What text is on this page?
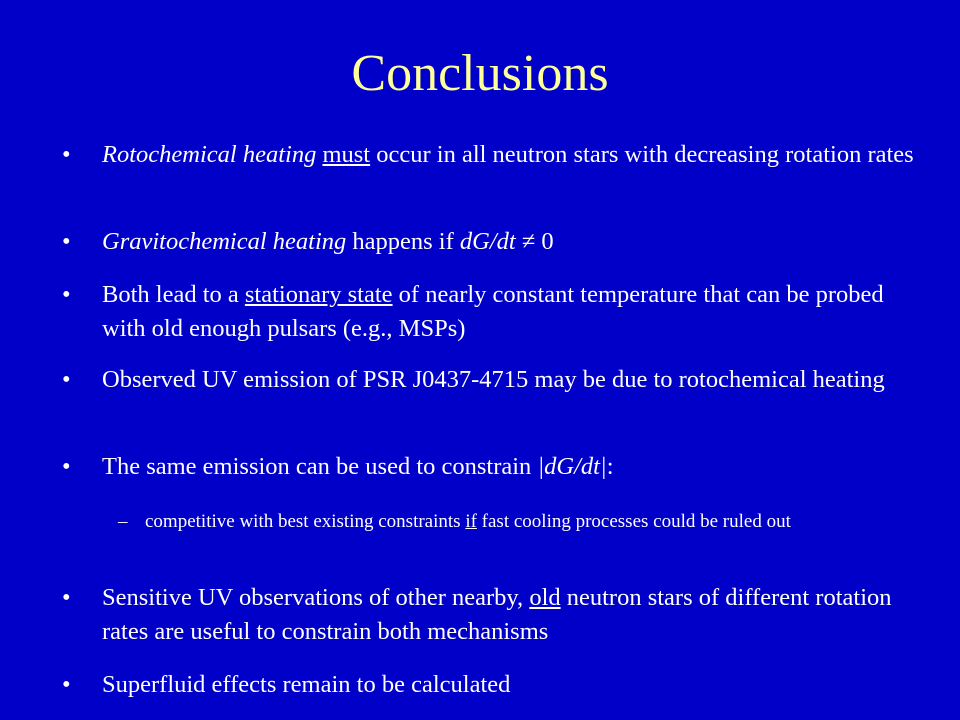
Conclusions
•	Rotochemical heating must occur in all neutron stars with decreasing rotation rates
•	Gravitochemical heating happens if dG/dt ≠ 0
•	Both lead to a stationary state of nearly constant temperature that can be probed with old enough pulsars (e.g., MSPs)
•	Observed UV emission of PSR J0437-4715 may be due to rotochemical heating
•	The same emission can be used to constrain |dG/dt|:
– competitive with best existing constraints if fast cooling processes could be ruled out
•	Sensitive UV observations of other nearby, old neutron stars of different rotation rates are useful to constrain both mechanisms
•	Superfluid effects remain to be calculated
